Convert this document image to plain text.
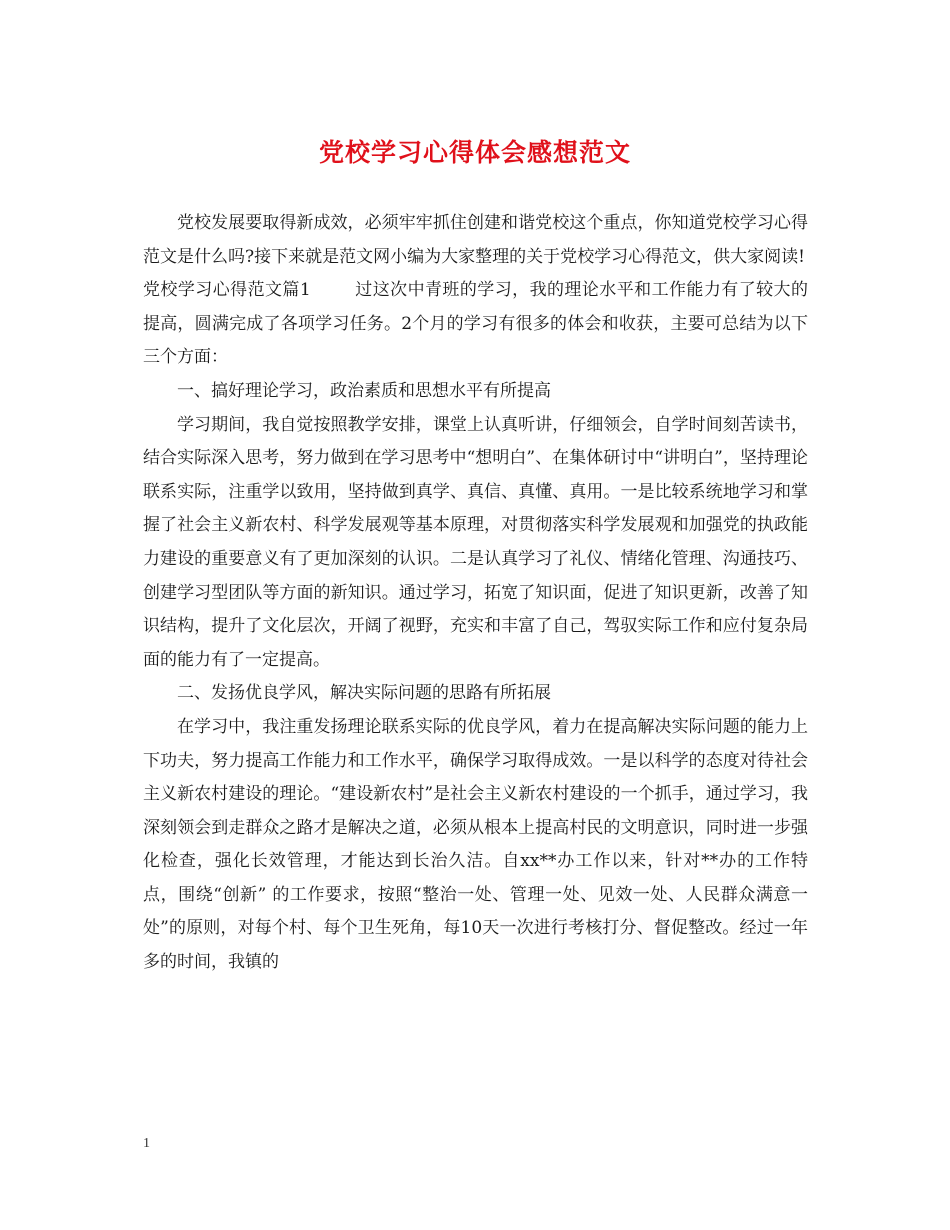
党校学习心得体会感想范文

党校发展要取得新成效，必须牢牢抓住创建和谐党校这个重点，你知道党校学习心得范文是什么吗?接下来就是范文网小编为大家整理的关于党校学习心得范文，供大家阅读!

党校学习心得范文篇1	过这次中青班的学习，我的理论水平和工作能力有了较大的提高，圆满完成了各项学习任务。2个月的学习有很多的体会和收获，主要可总结为以下三个方面：

一、搞好理论学习，政治素质和思想水平有所提高

学习期间，我自觉按照教学安排，课堂上认真听讲，仔细领会，自学时间刻苦读书，结合实际深入思考，努力做到在学习思考中“想明白”、在集体研讨中“讲明白”，坚持理论联系实际，注重学以致用，坚持做到真学、真信、真懂、真用。一是比较系统地学习和掌握了社会主义新农村、科学发展观等基本原理，对贯彻落实科学发展观和加强党的执政能力建设的重要意义有了更加深刻的认识。二是认真学习了礼仪、情绪化管理、沟通技巧、创建学习型团队等方面的新知识。通过学习，拓宽了知识面，促进了知识更新，改善了知识结构，提升了文化层次，开阔了视野，充实和丰富了自己，驾驭实际工作和应付复杂局面的能力有了一定提高。

二、发扬优良学风，解决实际问题的思路有所拓展

在学习中，我注重发扬理论联系实际的优良学风，着力在提高解决实际问题的能力上下功夫，努力提高工作能力和工作水平，确保学习取得成效。一是以科学的态度对待社会主义新农村建设的理论。“建设新农村”是社会主义新农村建设的一个抓手，通过学习，我深刻领会到走群众之路才是解决之道，必须从根本上提高村民的文明意识，同时进一步强化检查，强化长效管理，才能达到长治久洁。自xx**办工作以来，针对**办的工作特点，围绕“创新” 的工作要求，按照“整治一处、管理一处、见效一处、人民群众满意一处”的原则，对每个村、每个卫生死角，每10天一次进行考核打分、督促整改。经过一年多的时间，我镇的

1
